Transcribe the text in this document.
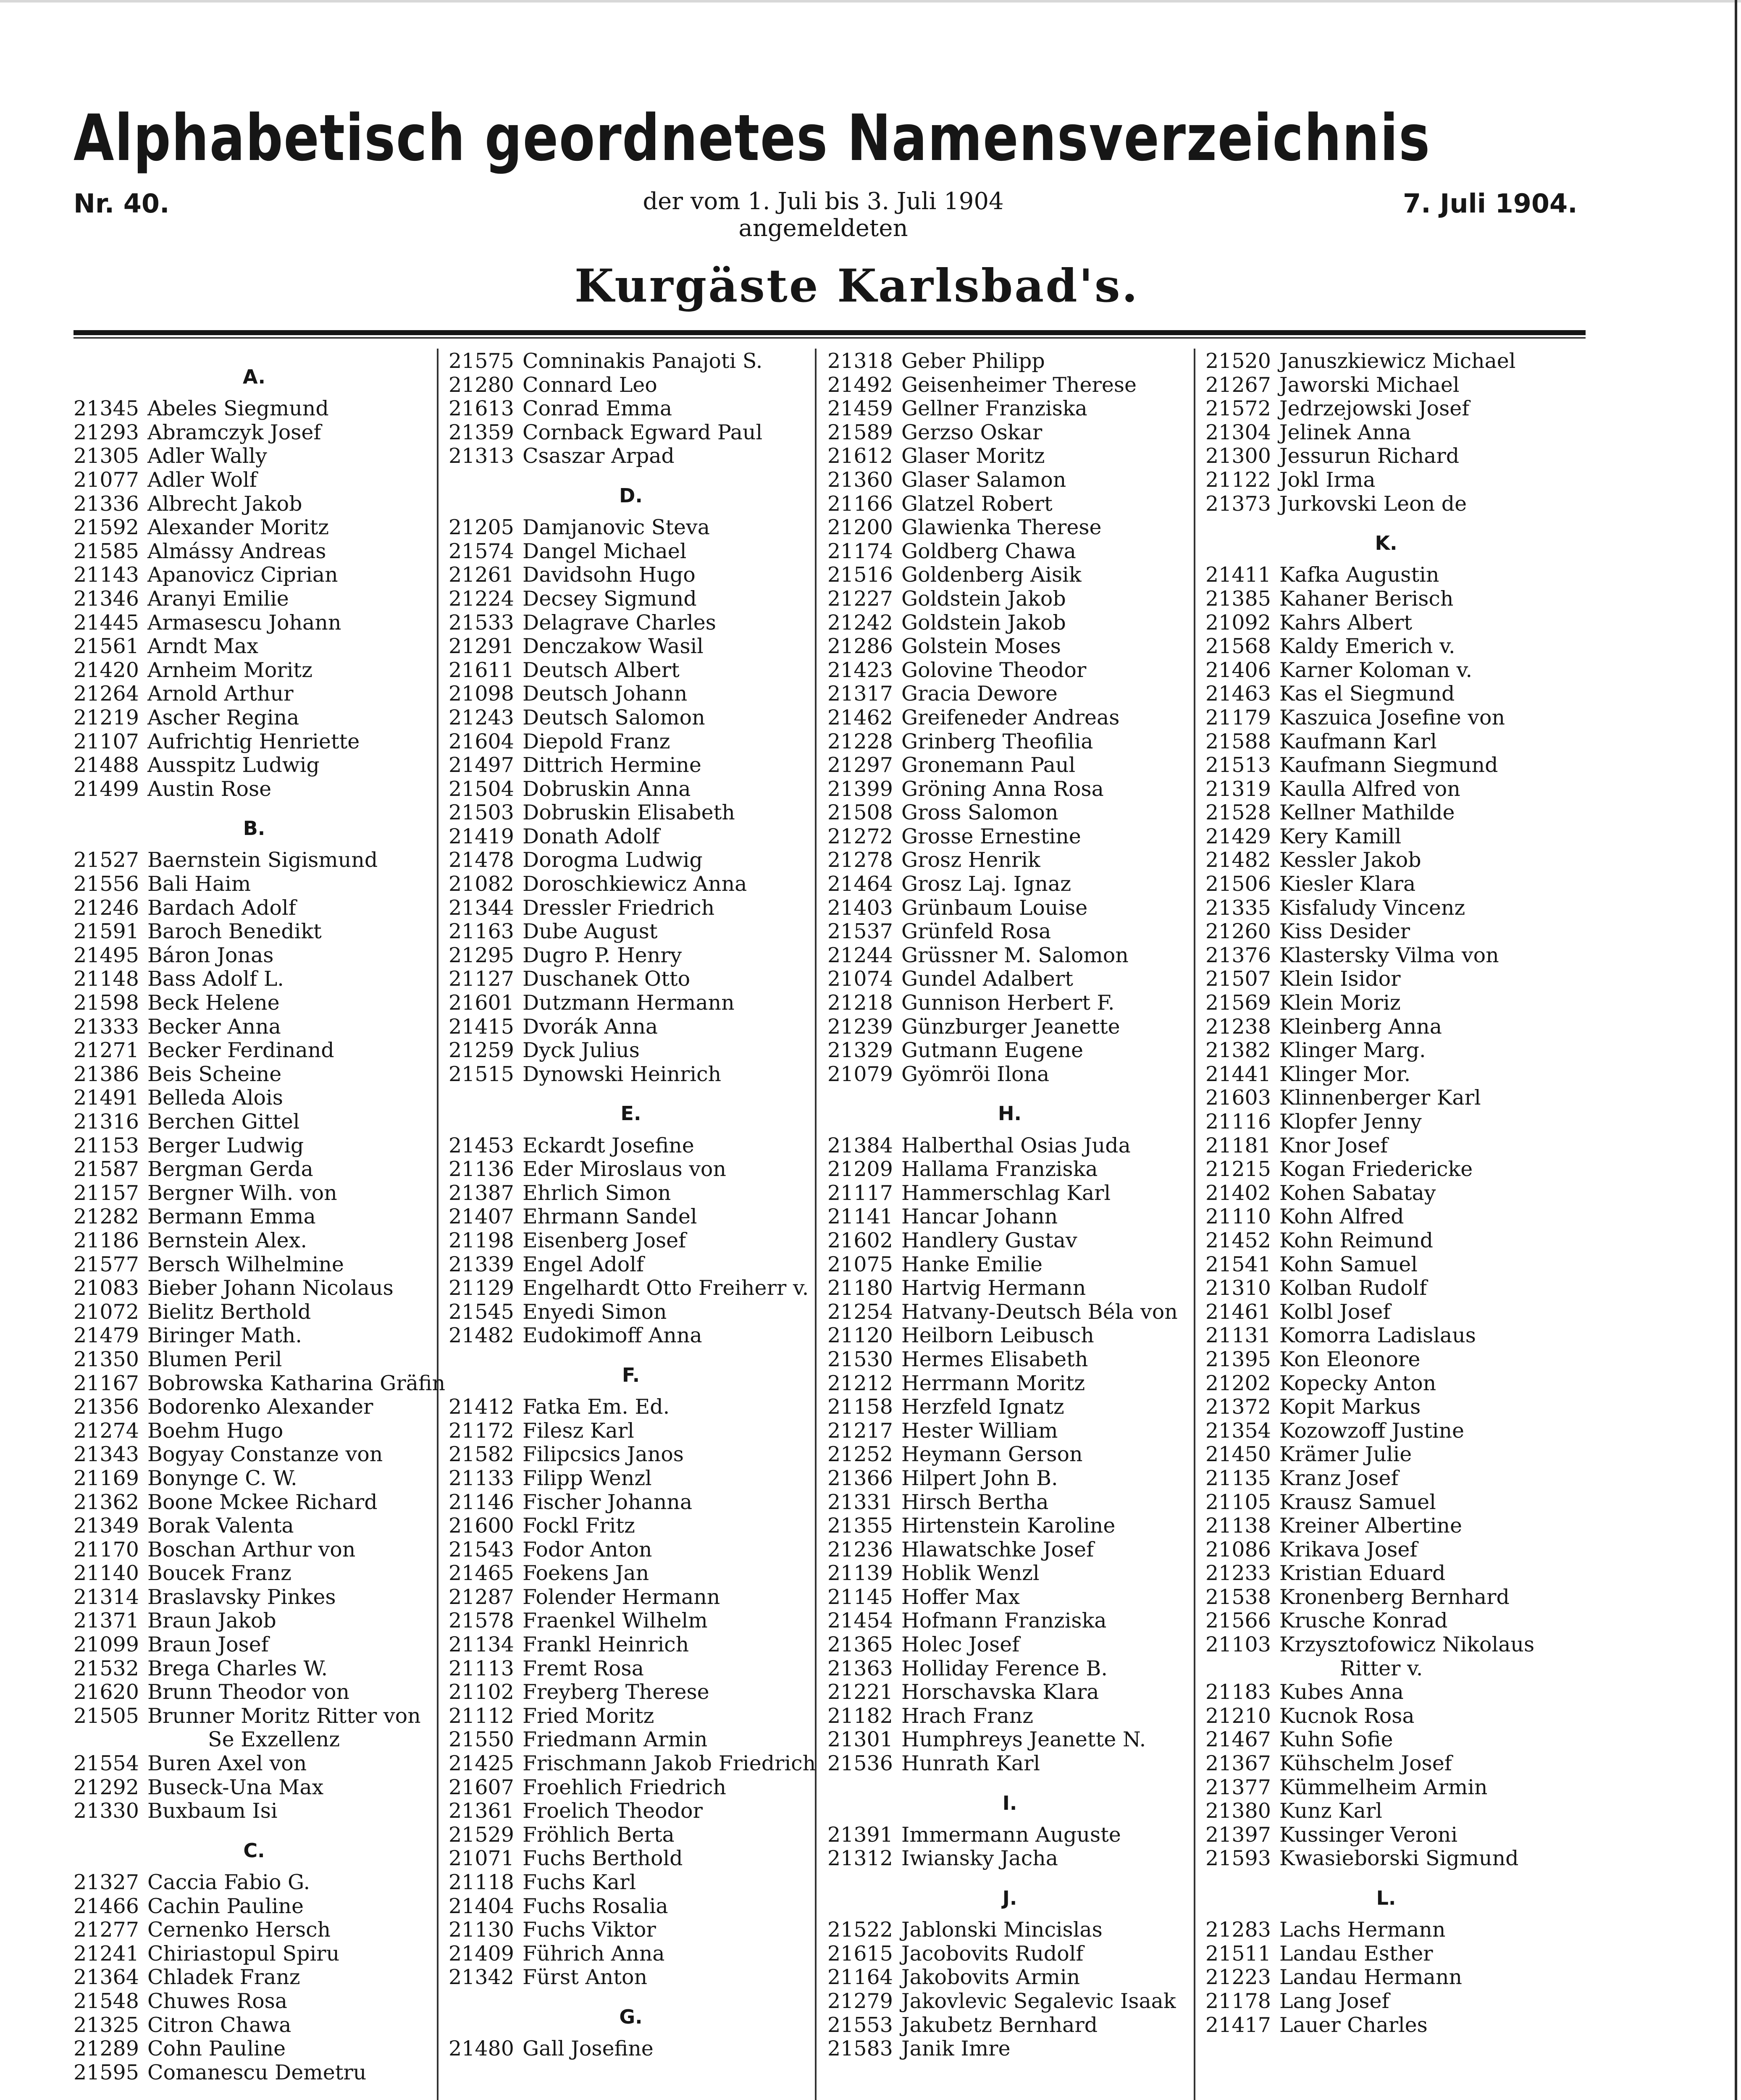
Alphabetisch geordnetes Namensverzeichnis
Nr. 40.	der vom 1. Juli bis 3. Juli 1904
angemeldeten
7. Juli 1904.
Kurgäste Karlsbad's.
A.
21345 Abeles Siegmund
21293 Abramczyk Josef
21305 Adler Wally
21077 Adler Wolf
21336 Albrecht Jakob
21592 Alexander Moritz
21585 Almássy Andreas
21143 Apanovicz Ciprian
21346 Aranyi Emilie
21445 Armasescu Johann
21561 Arndt Max
21420 Arnheim Moritz
21264 Arnold Arthur
21219 Ascher Regina
21107 Aufrichtig Henriette
21488 Ausspitz Ludwig
21499 Austin Rose
B.
21527 Baernstein Sigismund
21556 Bali Haim
21246 Bardach Adolf
21591 Baroch Benedikt
21495 Báron Jonas
21148 Bass Adolf L.
21598 Beck Helene
21333 Becker Anna
21271 Becker Ferdinand
21386 Beis Scheine
21491 Belleda Alois
21316 Berchen Gittel
21153 Berger Ludwig
21587 Bergman Gerda
21157 Bergner Wilh. von
21282 Bermann Emma
21186 Bernstein Alex.
21577 Bersch Wilhelmine
21083 Bieber Johann Nicolaus
21072 Bielitz Berthold
21479 Biringer Math.
21350 Blumen Peril
21167 Bobrowska Katharina Gräfin
21356 Bodorenko Alexander
21274 Boehm Hugo
21343 Bogyay Constanze von
21169 Bonynge C. W.
21362 Boone Mckee Richard
21349 Borak Valenta
21170 Boschan Arthur von
21140 Boucek Franz
21314 Braslavsky Pinkes
21371 Braun Jakob
21099 Braun Josef
21532 Brega Charles W.
21620 Brunn Theodor von
21505 Brunner Moritz Ritter von
Se Exzellenz
21554 Buren Axel von
21292 Buseck-Una Max
21330 Buxbaum Isi
C.
21327 Caccia Fabio G.
21466 Cachin Pauline
21277 Cernenko Hersch
21241 Chiriastopul Spiru
21364 Chladek Franz
21548 Chuwes Rosa
21325 Citron Chawa
21289 Cohn Pauline
21595 Comanescu Demetru
21575 Comninakis Panajoti S.
21280 Connard Leo
21613 Conrad Emma
21359 Cornback Egward Paul
21313 Csaszar Arpad
D.
21205 Damjanovic Steva
21574 Dangel Michael
21261 Davidsohn Hugo
21224 Decsey Sigmund
21533 Delagrave Charles
21291 Denczakow Wasil
21611 Deutsch Albert
21098 Deutsch Johann
21243 Deutsch Salomon
21604 Diepold Franz
21497 Dittrich Hermine
21504 Dobruskin Anna
21503 Dobruskin Elisabeth
21419 Donath Adolf
21478 Dorogma Ludwig
21082 Doroschkiewicz Anna
21344 Dressler Friedrich
21163 Dube August
21295 Dugro P. Henry
21127 Duschanek Otto
21601 Dutzmann Hermann
21415 Dvorák Anna
21259 Dyck Julius
21515 Dynowski Heinrich
E.
21453 Eckardt Josefine
21136 Eder Miroslaus von
21387 Ehrlich Simon
21407 Ehrmann Sandel
21198 Eisenberg Josef
21339 Engel Adolf
21129 Engelhardt Otto Freiherr v.
21545 Enyedi Simon
21482 Eudokimoff Anna
F.
21412 Fatka Em. Ed.
21172 Filesz Karl
21582 Filipcsics Janos
21133 Filipp Wenzl
21146 Fischer Johanna
21600 Fockl Fritz
21543 Fodor Anton
21465 Foekens Jan
21287 Folender Hermann
21578 Fraenkel Wilhelm
21134 Frankl Heinrich
21113 Fremt Rosa
21102 Freyberg Therese
21112 Fried Moritz
21550 Friedmann Armin
21425 Frischmann Jakob Friedrich
21607 Froehlich Friedrich
21361 Froelich Theodor
21529 Fröhlich Berta
21071 Fuchs Berthold
21118 Fuchs Karl
21404 Fuchs Rosalia
21130 Fuchs Viktor
21409 Führich Anna
21342 Fürst Anton
G.
21480 Gall Josefine
21318 Geber Philipp
21492 Geisenheimer Therese
21459 Gellner Franziska
21589 Gerzso Oskar
21612 Glaser Moritz
21360 Glaser Salamon
21166 Glatzel Robert
21200 Glawienka Therese
21174 Goldberg Chawa
21516 Goldenberg Aisik
21227 Goldstein Jakob
21242 Goldstein Jakob
21286 Golstein Moses
21423 Golovine Theodor
21317 Gracia Dewore
21462 Greifeneder Andreas
21228 Grinberg Theofilia
21297 Gronemann Paul
21399 Gröning Anna Rosa
21508 Gross Salomon
21272 Grosse Ernestine
21278 Grosz Henrik
21464 Grosz Laj. Ignaz
21403 Grünbaum Louise
21537 Grünfeld Rosa
21244 Grüssner M. Salomon
21074 Gundel Adalbert
21218 Gunnison Herbert F.
21239 Günzburger Jeanette
21329 Gutmann Eugene
21079 Gyömröi Ilona
H.
21384 Halberthal Osias Juda
21209 Hallama Franziska
21117 Hammerschlag Karl
21141 Hancar Johann
21602 Handlery Gustav
21075 Hanke Emilie
21180 Hartvig Hermann
21254 Hatvany-Deutsch Béla von
21120 Heilborn Leibusch
21530 Hermes Elisabeth
21212 Herrmann Moritz
21158 Herzfeld Ignatz
21217 Hester William
21252 Heymann Gerson
21366 Hilpert John B.
21331 Hirsch Bertha
21355 Hirtenstein Karoline
21236 Hlawatschke Josef
21139 Hoblik Wenzl
21145 Hoffer Max
21454 Hofmann Franziska
21365 Holec Josef
21363 Holliday Ference B.
21221 Horschavska Klara
21182 Hrach Franz
21301 Humphreys Jeanette N.
21536 Hunrath Karl
I.
21391 Immermann Auguste
21312 Iwiansky Jacha
J.
21522 Jablonski Mincislas
21615 Jacobovits Rudolf
21164 Jakobovits Armin
21279 Jakovlevic Segalevic Isaak
21553 Jakubetz Bernhard
21583 Janik Imre
21520 Januszkiewicz Michael
21267 Jaworski Michael
21572 Jedrzejowski Josef
21304 Jelinek Anna
21300 Jessurun Richard
21122 Jokl Irma
21373 Jurkovski Leon de
K.
21411 Kafka Augustin
21385 Kahaner Berisch
21092 Kahrs Albert
21568 Kaldy Emerich v.
21406 Karner Koloman v.
21463 Kas el Siegmund
21179 Kaszuica Josefine von
21588 Kaufmann Karl
21513 Kaufmann Siegmund
21319 Kaulla Alfred von
21528 Kellner Mathilde
21429 Kery Kamill
21482 Kessler Jakob
21506 Kiesler Klara
21335 Kisfaludy Vincenz
21260 Kiss Desider
21376 Klastersky Vilma von
21507 Klein Isidor
21569 Klein Moriz
21238 Kleinberg Anna
21382 Klinger Marg.
21441 Klinger Mor.
21603 Klinnenberger Karl
21116 Klopfer Jenny
21181 Knor Josef
21215 Kogan Friedericke
21402 Kohen Sabatay
21110 Kohn Alfred
21452 Kohn Reimund
21541 Kohn Samuel
21310 Kolban Rudolf
21461 Kolbl Josef
21131 Komorra Ladislaus
21395 Kon Eleonore
21202 Kopecky Anton
21372 Kopit Markus
21354 Kozowzoff Justine
21450 Krämer Julie
21135 Kranz Josef
21105 Krausz Samuel
21138 Kreiner Albertine
21086 Krikava Josef
21233 Kristian Eduard
21538 Kronenberg Bernhard
21566 Krusche Konrad
21103 Krzysztofowicz Nikolaus
Ritter v.
21183 Kubes Anna
21210 Kucnok Rosa
21467 Kuhn Sofie
21367 Kühschelm Josef
21377 Kümmelheim Armin
21380 Kunz Karl
21397 Kussinger Veroni
21593 Kwasieborski Sigmund
L.
21283 Lachs Hermann
21511 Landau Esther
21223 Landau Hermann
21178 Lang Josef
21417 Lauer Charles
